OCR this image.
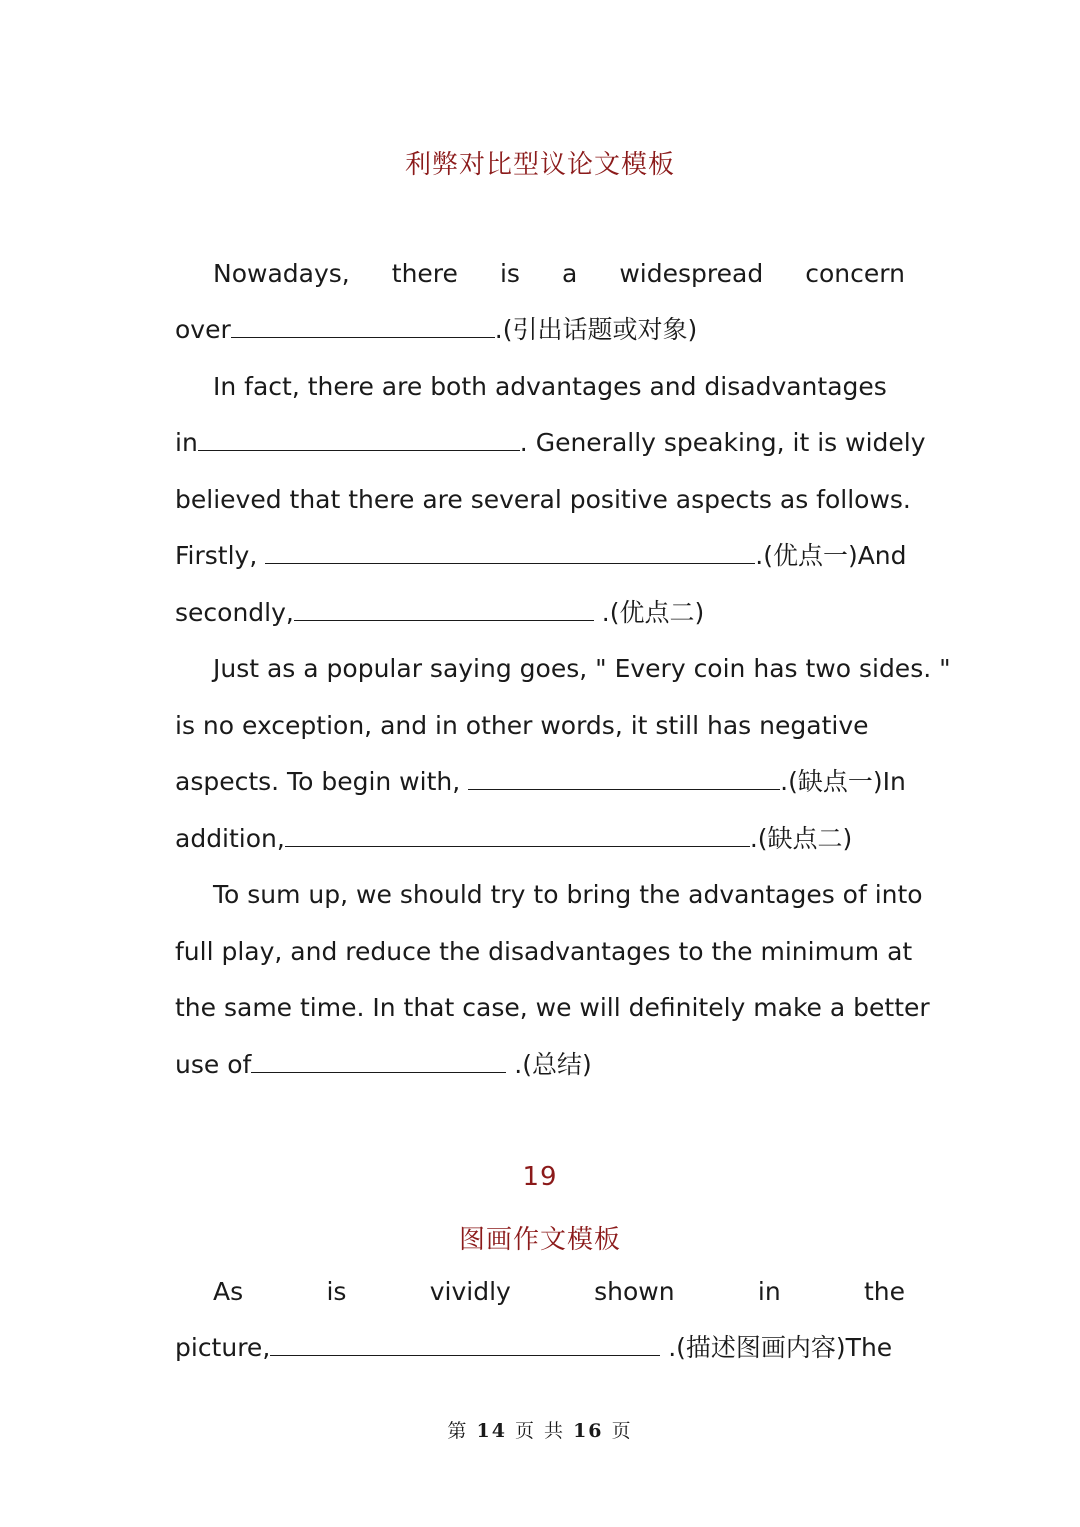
利弊对比型议论文模板
Nowadays, there is a widespread concern
over	.(引出话题或对象)
In fact, there are both advantages and disadvantages
in	. Generally speaking, it is widely
believed that there are several positive aspects as follows.
Firstly,	.(优点一)And
secondly,	.(优点二)
Just as a popular saying goes, " Every coin has two sides. "
is no exception, and in other words, it still has negative
aspects. To begin with,	.(缺点一)In
addition,	.(缺点二)
To sum up, we should try to bring the advantages of into
full play, and reduce the disadvantages to the minimum at
the same time. In that case, we will definitely make a better
use of	.(总结)
19
图画作文模板
As	is	vividly	shown	in	the
picture,	.(描述图画内容)The
第 14 页 共 16 页
